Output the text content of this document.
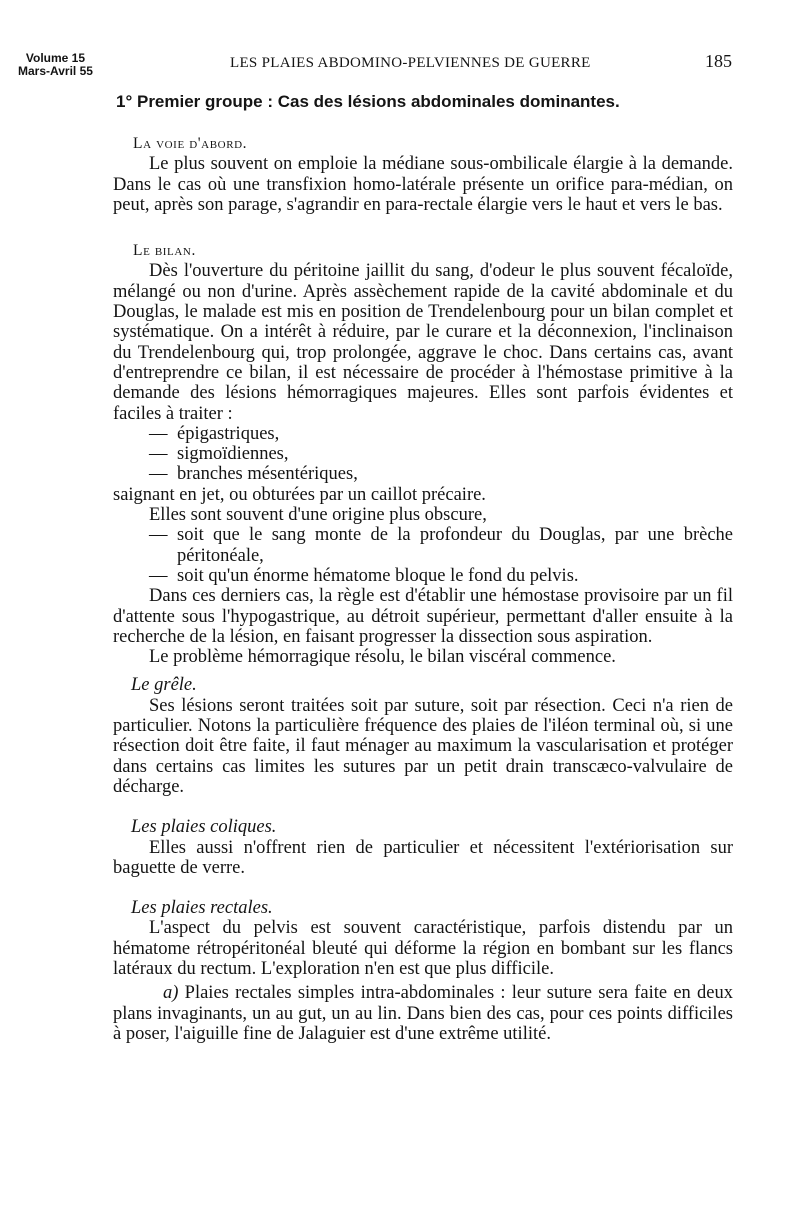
Volume 15
Mars-Avril 55	LES PLAIES ABDOMINO-PELVIENNES DE GUERRE	185
1° Premier groupe : Cas des lésions abdominales dominantes.

La voie d'abord.

Le plus souvent on emploie la médiane sous-ombilicale élargie à la demande. Dans le cas où une transfixion homo-latérale présente un orifice para-médian, on peut, après son parage, s'agrandir en para-rectale élargie vers le haut et vers le bas.

Le bilan.

Dès l'ouverture du péritoine jaillit du sang, d'odeur le plus souvent fécaloïde, mélangé ou non d'urine. Après assèchement rapide de la cavité abdominale et du Douglas, le malade est mis en position de Trendelenbourg pour un bilan complet et systématique. On a intérêt à réduire, par le curare et la déconnexion, l'inclinaison du Trendelenbourg qui, trop prolongée, aggrave le choc. Dans certains cas, avant d'entreprendre ce bilan, il est nécessaire de procéder à l'hémostase primitive à la demande des lésions hémorragiques majeures. Elles sont parfois évidentes et faciles à traiter :

— épigastriques,
— sigmoïdiennes,
— branches mésentériques,

saignant en jet, ou obturées par un caillot précaire.

Elles sont souvent d'une origine plus obscure,

— soit que le sang monte de la profondeur du Douglas, par une brèche péritonéale,
— soit qu'un énorme hématome bloque le fond du pelvis.

Dans ces derniers cas, la règle est d'établir une hémostase provisoire par un fil d'attente sous l'hypogastrique, au détroit supérieur, permettant d'aller ensuite à la recherche de la lésion, en faisant progresser la dissection sous aspiration.

Le problème hémorragique résolu, le bilan viscéral commence.

Le grêle.

Ses lésions seront traitées soit par suture, soit par résection. Ceci n'a rien de particulier. Notons la particulière fréquence des plaies de l'iléon terminal où, si une résection doit être faite, il faut ménager au maximum la vascularisation et protéger dans certains cas limites les sutures par un petit drain transcæco-valvulaire de décharge.

Les plaies coliques.

Elles aussi n'offrent rien de particulier et nécessitent l'extériorisation sur baguette de verre.

Les plaies rectales.

L'aspect du pelvis est souvent caractéristique, parfois distendu par un hématome rétropéritonéal bleuté qui déforme la région en bombant sur les flancs latéraux du rectum. L'exploration n'en est que plus difficile.

a) Plaies rectales simples intra-abdominales : leur suture sera faite en deux plans invaginants, un au gut, un au lin. Dans bien des cas, pour ces points difficiles à poser, l'aiguille fine de Jalaguier est d'une extrême utilité.
